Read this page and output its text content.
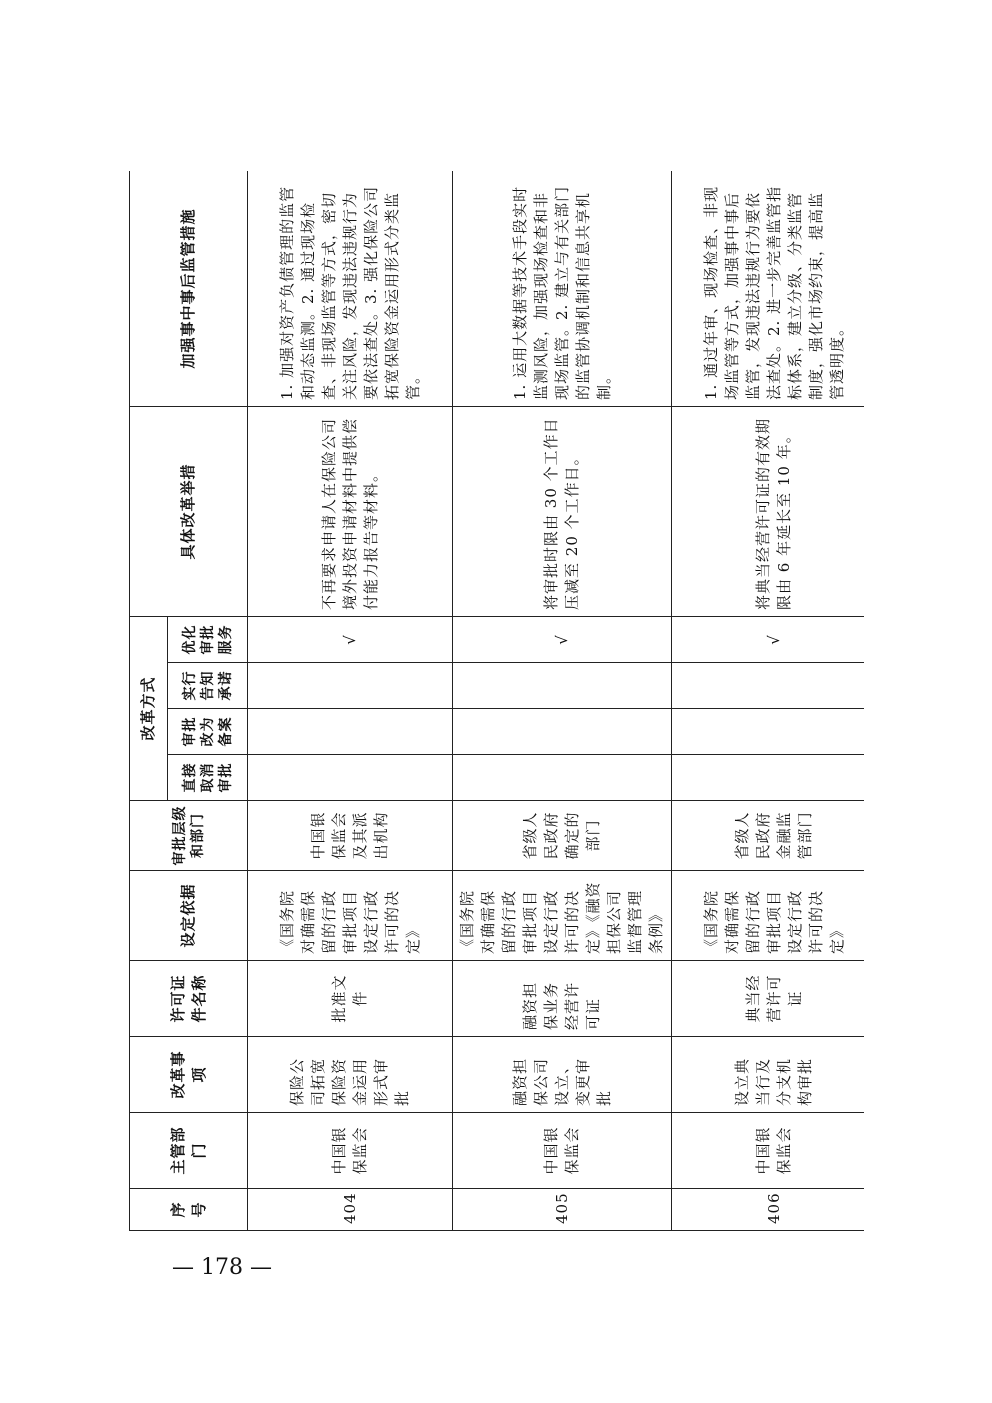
序号	主管部门	改革事项	许可证件名称	设定依据	审批层级和部门	改革方式				具体改革举措	加强事中事后监管措施
						直接取消审批	审批改为备案	实行告知承诺	优化审批服务		
404	中国银保监会	保险公司拓宽保险资金运用形式审批	批准文件	《国务院对确需保留的行政审批项目设定行政许可的决定》	中国银保监会及其派出机构				√	不再要求申请人在保险公司境外投资申请材料中提供偿付能力报告等材料。	1. 加强对资产负债管理的监管和动态监测。2. 通过现场检查、非现场监管等方式，密切关注风险，发现违法违规行为要依法查处。3. 强化保险公司拓宽保险资金运用形式分类监管。
405	中国银保监会	融资担保公司设立、变更审批	融资担保业务经营许可证	《国务院对确需保留的行政审批项目设定行政许可的决定》《融资担保公司监督管理条例》	省级人民政府确定的部门				√	将审批时限由 30 个工作日压减至 20 个工作日。	1. 运用大数据等技术手段实时监测风险，加强现场检查和非现场监管。2. 建立与有关部门的监管协调机制和信息共享机制。
406	中国银保监会	设立典当行及分支机构审批	典当经营许可证	《国务院对确需保留的行政审批项目设定行政许可的决定》	省级人民政府金融监管部门				√	将典当经营许可证的有效期限由 6 年延长至 10 年。	1. 通过年审、现场检查、非现场监管等方式，加强事中事后监管，发现违法违规行为要依法查处。2. 进一步完善监管指标体系，建立分级、分类监管制度，强化市场约束，提高监管透明度。
— 178 —
